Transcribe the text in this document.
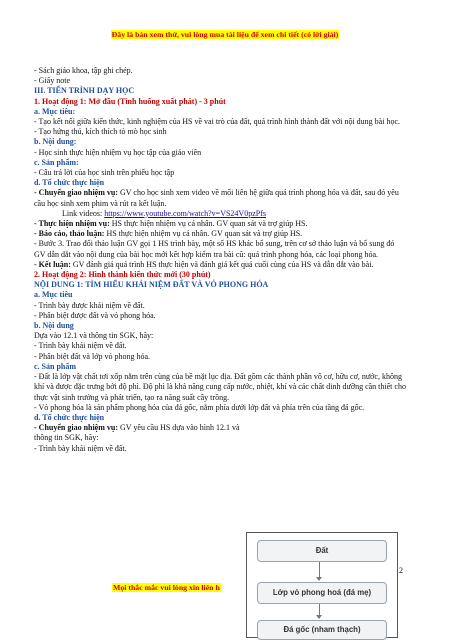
Đây là bản xem thử, vui lòng mua tài liệu để xem chi tiết (có lời giải)

- Sách giáo khoa, tập ghi chép.

- Giấy note

III. TIẾN TRÌNH DẠY HỌC

1. Hoạt động 1: Mở đầu (Tình huống xuất phát) - 3 phút

a. Mục tiêu:

- Tạo kết nối giữa kiến thức, kinh nghiệm của HS về vai trò của đất, quá trình hình thành đất với nội dung bài học.

- Tạo hứng thú, kích thích tò mò học sinh

b. Nội dung:

- Học sinh thực hiện nhiệm vụ học tập của giáo viên

c. Sản phẩm:

- Câu trả lời của học sinh trên phiếu học tập

d. Tổ chức thực hiện

- Chuyển giao nhiệm vụ: GV cho học sinh xem video về mối liên hệ giữa quá trình phong hóa và đất, sau đó yêu cầu học sinh xem phim và rút ra kết luận.

Link videos: https://www.youtube.com/watch?v=VS24V0pzPfs

- Thực hiện nhiệm vụ: HS thực hiện nhiệm vụ cá nhân. GV quan sát và trợ giúp HS.

- Báo cáo, thảo luận: HS thực hiện nhiệm vụ cá nhân. GV quan sát và trợ giúp HS.

- Bước 3. Trao đổi thảo luận GV gọi 1 HS trình bày, một số HS khác bổ sung, trên cơ sở thảo luận và bổ sung đó GV dẫn dắt vào nội dung của bài học mới kết hợp kiểm tra bài cũ: quá trình phong hóa, các loại phong hóa.

- Kết luận: GV đánh giá quá trình HS thực hiện và đánh giá kết quả cuối cùng của HS và dẫn dắt vào bài.

2. Hoạt động 2: Hình thành kiến thức mới (30 phút)

NỘI DUNG 1: TÌM HIỂU KHÁI NIỆM ĐẤT VÀ VỎ PHONG HÓA

a. Mục tiêu

- Trình bày được khái niệm về đất.

- Phân biệt được đất và vỏ phong hóa.

b. Nội dung

Dựa vào 12.1 và thông tin SGK, hãy:

- Trình bày khái niệm về đất.

- Phân biệt đất và lớp vỏ phong hóa.

c. Sản phẩm

- Đất là lớp vật chất tơi xốp nằm trên cùng của bề mặt lục địa. Đất gồm các thành phần vô cơ, hữu cơ, nước, không khí và được đặc trưng bởi độ phì. Độ phì là khả năng cung cấp nước, nhiệt, khí và các chất dinh dưỡng cần thiết cho thực vật sinh trưởng và phát triển, tạo ra năng suất cây trồng.

- Vỏ phong hóa là sản phẩm phong hóa của đá gốc, nằm phía dưới lớp đất và phía trên của tầng đá gốc.

d. Tổ chức thực hiện

- Chuyển giao nhiệm vụ: GV yêu cầu HS dựa vào hình 12.1 và thông tin SGK, hãy:

- Trình bày khái niệm về đất.

Đất
Lớp vỏ phong hoá (đá mẹ)
Đá gốc (nham thạch)
2
Mọi thắc mắc vui lòng xin liên h
